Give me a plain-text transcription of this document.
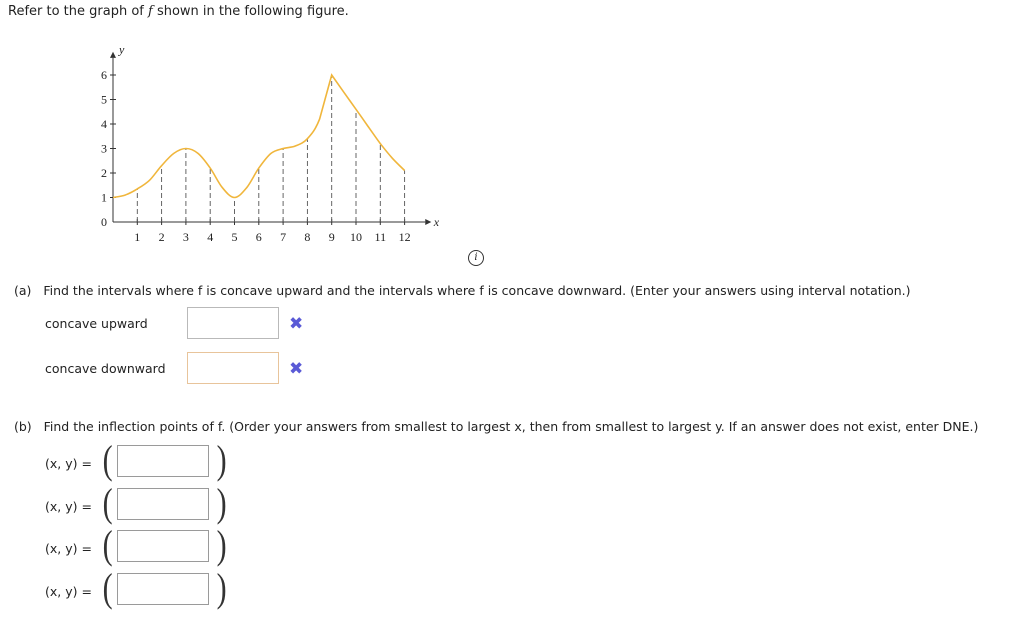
Refer to the graph of f shown in the following figure.
0
1
2
3
4
5
6
1 2 3 4 5 6 7 8 9 10 11 12
y
x
i
(a) Find the intervals where f is concave upward and the intervals where f is concave downward. (Enter your answers using interval notation.)
concave upward	✖
concave downward	✖
(b) Find the inflection points of f. (Order your answers from smallest to largest x, then from smallest to largest y. If an answer does not exist, enter DNE.)
(x, y) = (	)
(x, y) = (	)
(x, y) = (	)
(x, y) = (	)
